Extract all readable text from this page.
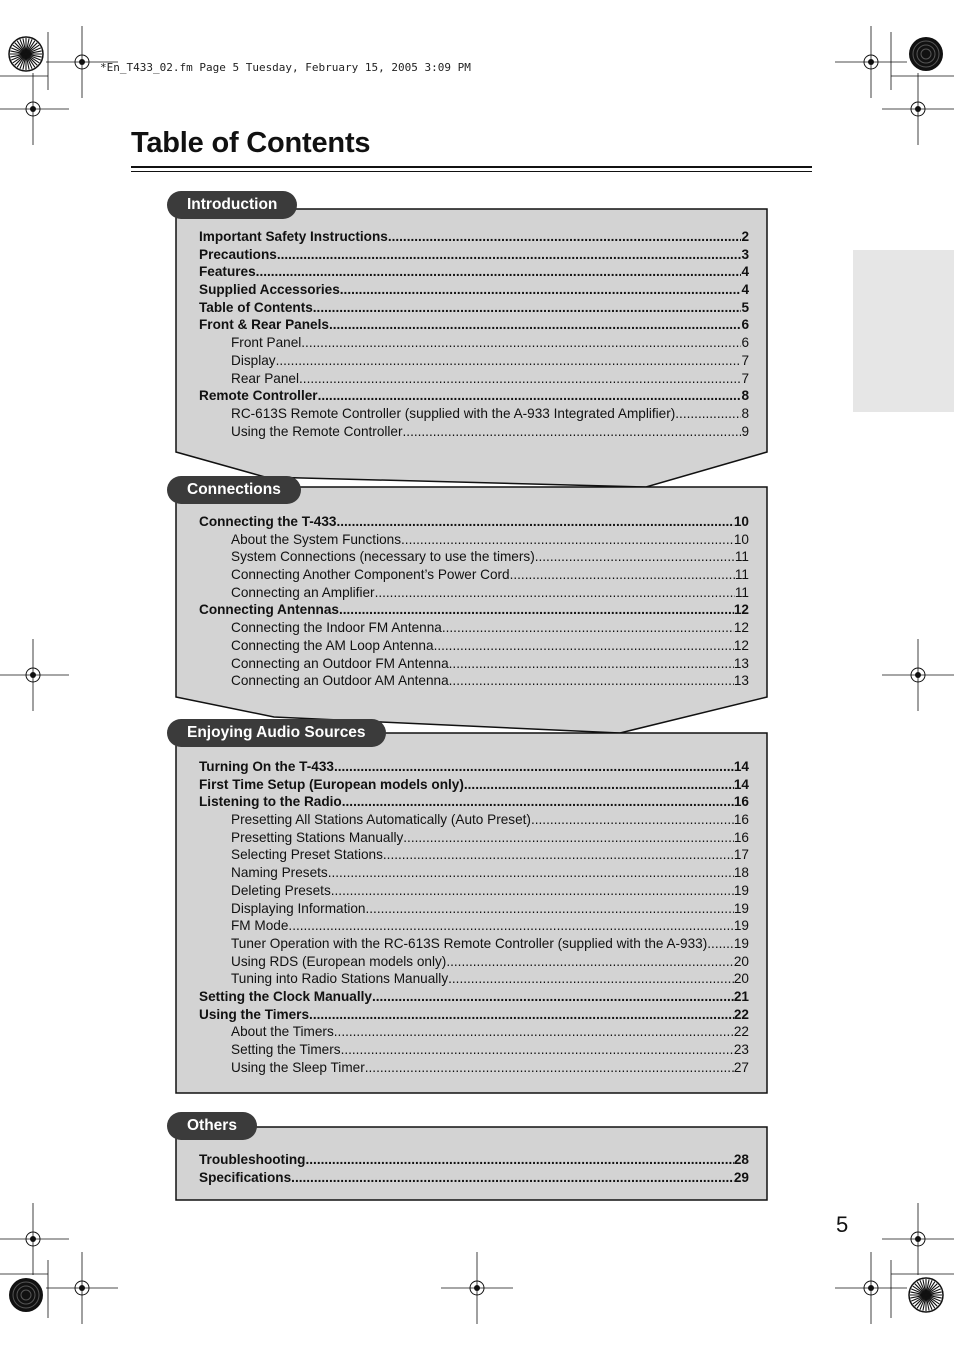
*En_T433_02.fm Page 5 Tuesday, February 15, 2005 3:09 PM
Table of Contents
Introduction
Connections
Enjoying Audio Sources
Others
Important Safety Instructions .....	2
Precautions .....	3
Features .....	4
Supplied Accessories .....	4
Table of Contents .....	5
Front & Rear Panels .....	6
Front Panel .....	6
Display .....	7
Rear Panel .....	7
Remote Controller .....	8
RC-613S Remote Controller (supplied with the A-933 Integrated Amplifier) .....	8
Using the Remote Controller .....	9
Connecting the T-433 .....	10
About the System Functions .....	10
System Connections (necessary to use the timers) .....	11
Connecting Another Component’s Power Cord .....	11
Connecting an Amplifier .....	11
Connecting Antennas .....	12
Connecting the Indoor FM Antenna .....	12
Connecting the AM Loop Antenna .....	12
Connecting an Outdoor FM Antenna .....	13
Connecting an Outdoor AM Antenna .....	13
Turning On the T-433 .....	14
First Time Setup (European models only) .....	14
Listening to the Radio .....	16
Presetting All Stations Automatically (Auto Preset) .....	16
Presetting Stations Manually .....	16
Selecting Preset Stations .....	17
Naming Presets .....	18
Deleting Presets .....	19
Displaying Information .....	19
FM Mode .....	19
Tuner Operation with the RC-613S Remote Controller (supplied with the A-933) ..... 19
Using RDS (European models only) .....	20
Tuning into Radio Stations Manually .....	20
Setting the Clock Manually .....	21
Using the Timers .....	22
About the Timers .....	22
Setting the Timers .....	23
Using the Sleep Timer .....	27
Troubleshooting .....	28
Specifications .....	29
5
